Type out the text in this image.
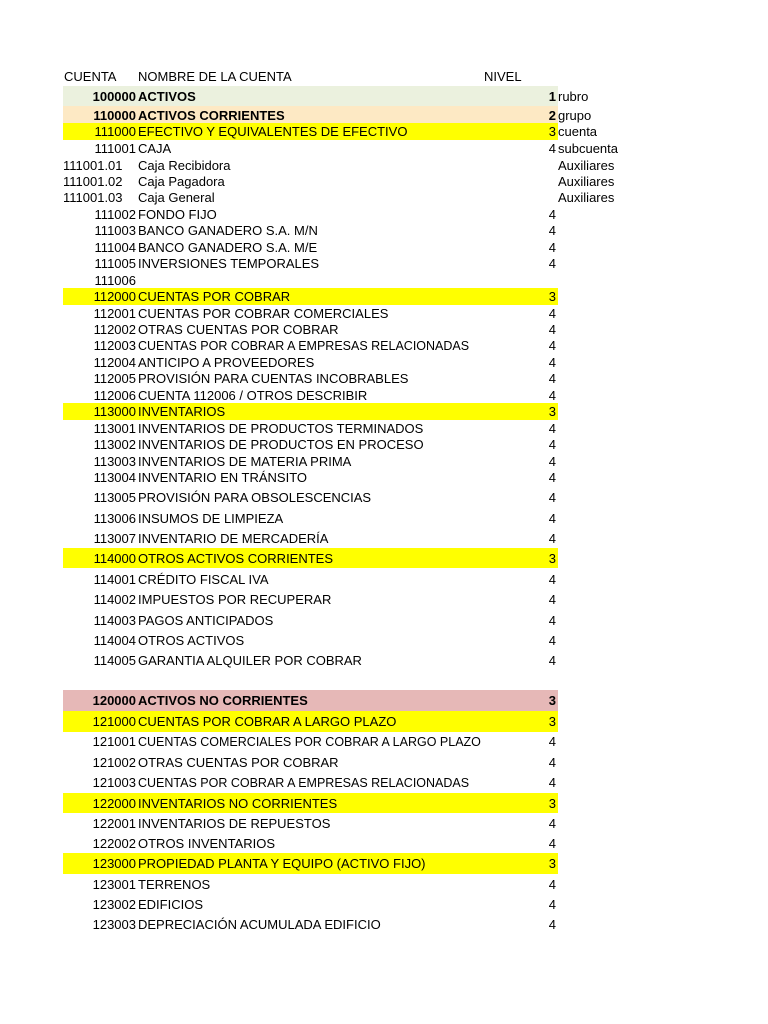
CUENTA NOMBRE DE LA CUENTA	NIVEL
100000 ACTIVOS	1 rubro
110000 ACTIVOS CORRIENTES	2 grupo
111000 EFECTIVO Y EQUIVALENTES DE EFECTIVO	3 cuenta
111001 CAJA	4 subcuenta
111001.01	Caja Recibidora	Auxiliares
111001.02	Caja Pagadora	Auxiliares
111001.03	Caja General	Auxiliares
111002 FONDO FIJO	4
111003 BANCO GANADERO S.A. M/N	4
111004 BANCO GANADERO S.A. M/E	4
111005 INVERSIONES TEMPORALES	4
111006
112000 CUENTAS POR COBRAR	3
112001 CUENTAS POR COBRAR COMERCIALES	4
112002 OTRAS CUENTAS POR COBRAR	4
112003 CUENTAS POR COBRAR A EMPRESAS RELACIONADAS	4
112004 ANTICIPO A PROVEEDORES	4
112005 PROVISIÓN PARA CUENTAS INCOBRABLES	4
112006 CUENTA 112006 / OTROS DESCRIBIR	4
113000 INVENTARIOS	3
113001 INVENTARIOS DE PRODUCTOS TERMINADOS	4
113002 INVENTARIOS DE PRODUCTOS EN PROCESO	4
113003 INVENTARIOS DE MATERIA PRIMA	4
113004 INVENTARIO EN TRÁNSITO	4
113005 PROVISIÓN PARA OBSOLESCENCIAS	4
113006 INSUMOS DE LIMPIEZA	4
113007 INVENTARIO DE MERCADERÍA	4
114000 OTROS ACTIVOS CORRIENTES	3
114001 CRÉDITO FISCAL IVA	4
114002 IMPUESTOS POR RECUPERAR	4
114003 PAGOS ANTICIPADOS	4
114004 OTROS ACTIVOS	4
114005 GARANTIA ALQUILER POR COBRAR	4
120000 ACTIVOS NO CORRIENTES	3
121000 CUENTAS POR COBRAR A LARGO PLAZO	3
121001 CUENTAS COMERCIALES POR COBRAR A LARGO PLAZO	4
121002 OTRAS CUENTAS POR COBRAR	4
121003 CUENTAS POR COBRAR A EMPRESAS RELACIONADAS	4
122000 INVENTARIOS NO CORRIENTES	3
122001 INVENTARIOS DE REPUESTOS	4
122002 OTROS INVENTARIOS	4
123000 PROPIEDAD PLANTA Y EQUIPO (ACTIVO FIJO)	3
123001 TERRENOS	4
123002 EDIFICIOS	4
123003 DEPRECIACIÓN ACUMULADA EDIFICIO	4
